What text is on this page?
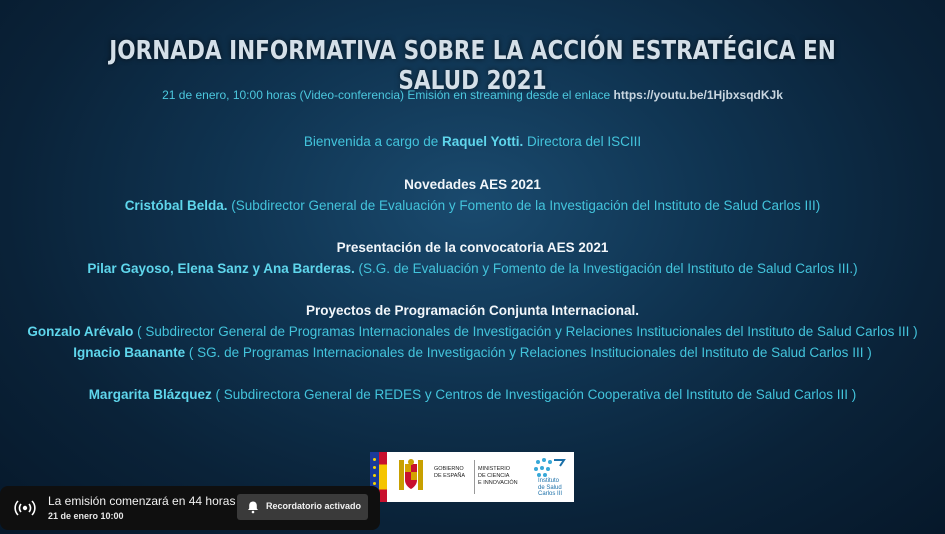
JORNADA INFORMATIVA SOBRE LA ACCIÓN ESTRATÉGICA EN SALUD 2021
21 de enero, 10:00 horas (Video-conferencia) Emisión en streaming desde el enlace https://youtu.be/1HjbxsqdKJk
Bienvenida a cargo de Raquel Yotti. Directora del ISCIII
Novedades AES 2021
Cristóbal Belda. (Subdirector General de Evaluación y Fomento de la Investigación del Instituto de Salud Carlos III)
Presentación de la convocatoria AES 2021
Pilar Gayoso, Elena Sanz y Ana Barderas. (S.G. de Evaluación y Fomento de la Investigación del Instituto de Salud Carlos III.)
Proyectos de Programación Conjunta Internacional.
Gonzalo Arévalo ( Subdirector General de Programas Internacionales de Investigación y Relaciones Institucionales del Instituto de Salud Carlos III )
Ignacio Baanante ( SG. de Programas Internacionales de Investigación y Relaciones Institucionales del Instituto de Salud Carlos III )
Margarita Blázquez ( Subdirectora General de REDES y Centros de Investigación Cooperativa del Instituto de Salud Carlos III )
GOBIERNO
DE ESPAÑA
MINISTERIO
DE CIENCIA
E INNOVACIÓN	Instituto
de Salud
Carlos III
La emisión comenzará en 44 horas
21 de enero 10:00
Recordatorio activado
